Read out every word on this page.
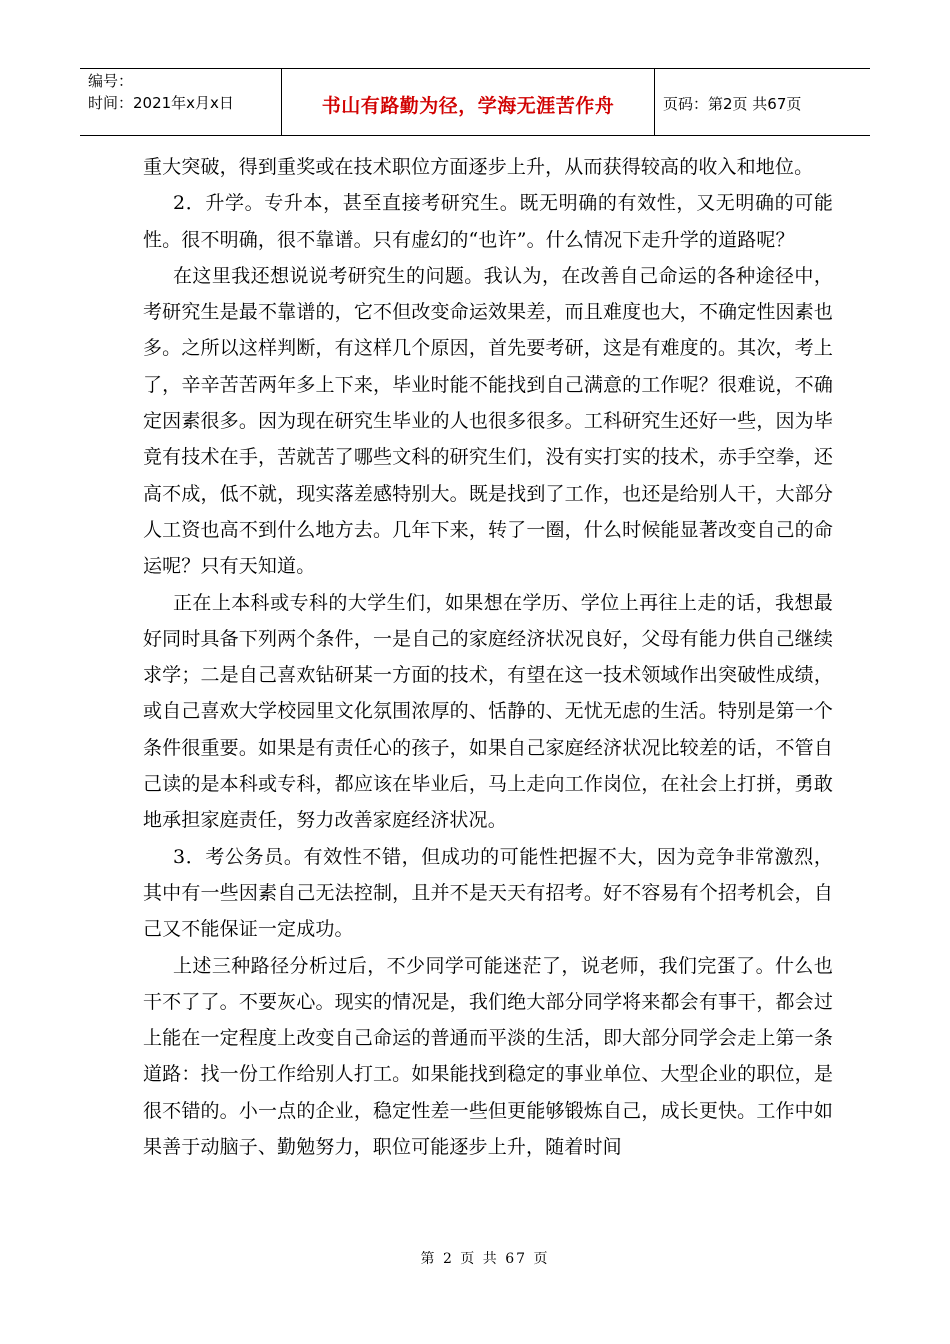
编号：
时间：2021年x月x日	书山有路勤为径，学海无涯苦作舟	页码：第2页 共67页

重大突破，得到重奖或在技术职位方面逐步上升，从而获得较高的收入和地位。

2．升学。专升本，甚至直接考研究生。既无明确的有效性，又无明确的可能性。很不明确，很不靠谱。只有虚幻的“也许”。什么情况下走升学的道路呢？

在这里我还想说说考研究生的问题。我认为，在改善自己命运的各种途径中，考研究生是最不靠谱的，它不但改变命运效果差，而且难度也大，不确定性因素也多。之所以这样判断，有这样几个原因，首先要考研，这是有难度的。其次，考上了，辛辛苦苦两年多上下来，毕业时能不能找到自己满意的工作呢？很难说，不确定因素很多。因为现在研究生毕业的人也很多很多。工科研究生还好一些，因为毕竟有技术在手，苦就苦了哪些文科的研究生们，没有实打实的技术，赤手空拳，还高不成，低不就，现实落差感特别大。既是找到了工作，也还是给别人干，大部分人工资也高不到什么地方去。几年下来，转了一圈，什么时候能显著改变自己的命运呢？只有天知道。

正在上本科或专科的大学生们，如果想在学历、学位上再往上走的话，我想最好同时具备下列两个条件，一是自己的家庭经济状况良好，父母有能力供自己继续求学；二是自己喜欢钻研某一方面的技术，有望在这一技术领域作出突破性成绩，或自己喜欢大学校园里文化氛围浓厚的、恬静的、无忧无虑的生活。特别是第一个条件很重要。如果是有责任心的孩子，如果自己家庭经济状况比较差的话，不管自己读的是本科或专科，都应该在毕业后，马上走向工作岗位，在社会上打拼，勇敢地承担家庭责任，努力改善家庭经济状况。

3．考公务员。有效性不错，但成功的可能性把握不大，因为竞争非常激烈，其中有一些因素自己无法控制，且并不是天天有招考。好不容易有个招考机会，自己又不能保证一定成功。

上述三种路径分析过后，不少同学可能迷茫了，说老师，我们完蛋了。什么也干不了了。不要灰心。现实的情况是，我们绝大部分同学将来都会有事干，都会过上能在一定程度上改变自己命运的普通而平淡的生活，即大部分同学会走上第一条道路：找一份工作给别人打工。如果能找到稳定的事业单位、大型企业的职位，是很不错的。小一点的企业，稳定性差一些但更能够锻炼自己，成长更快。工作中如果善于动脑子、勤勉努力，职位可能逐步上升，随着时间

第 2 页 共 67 页
